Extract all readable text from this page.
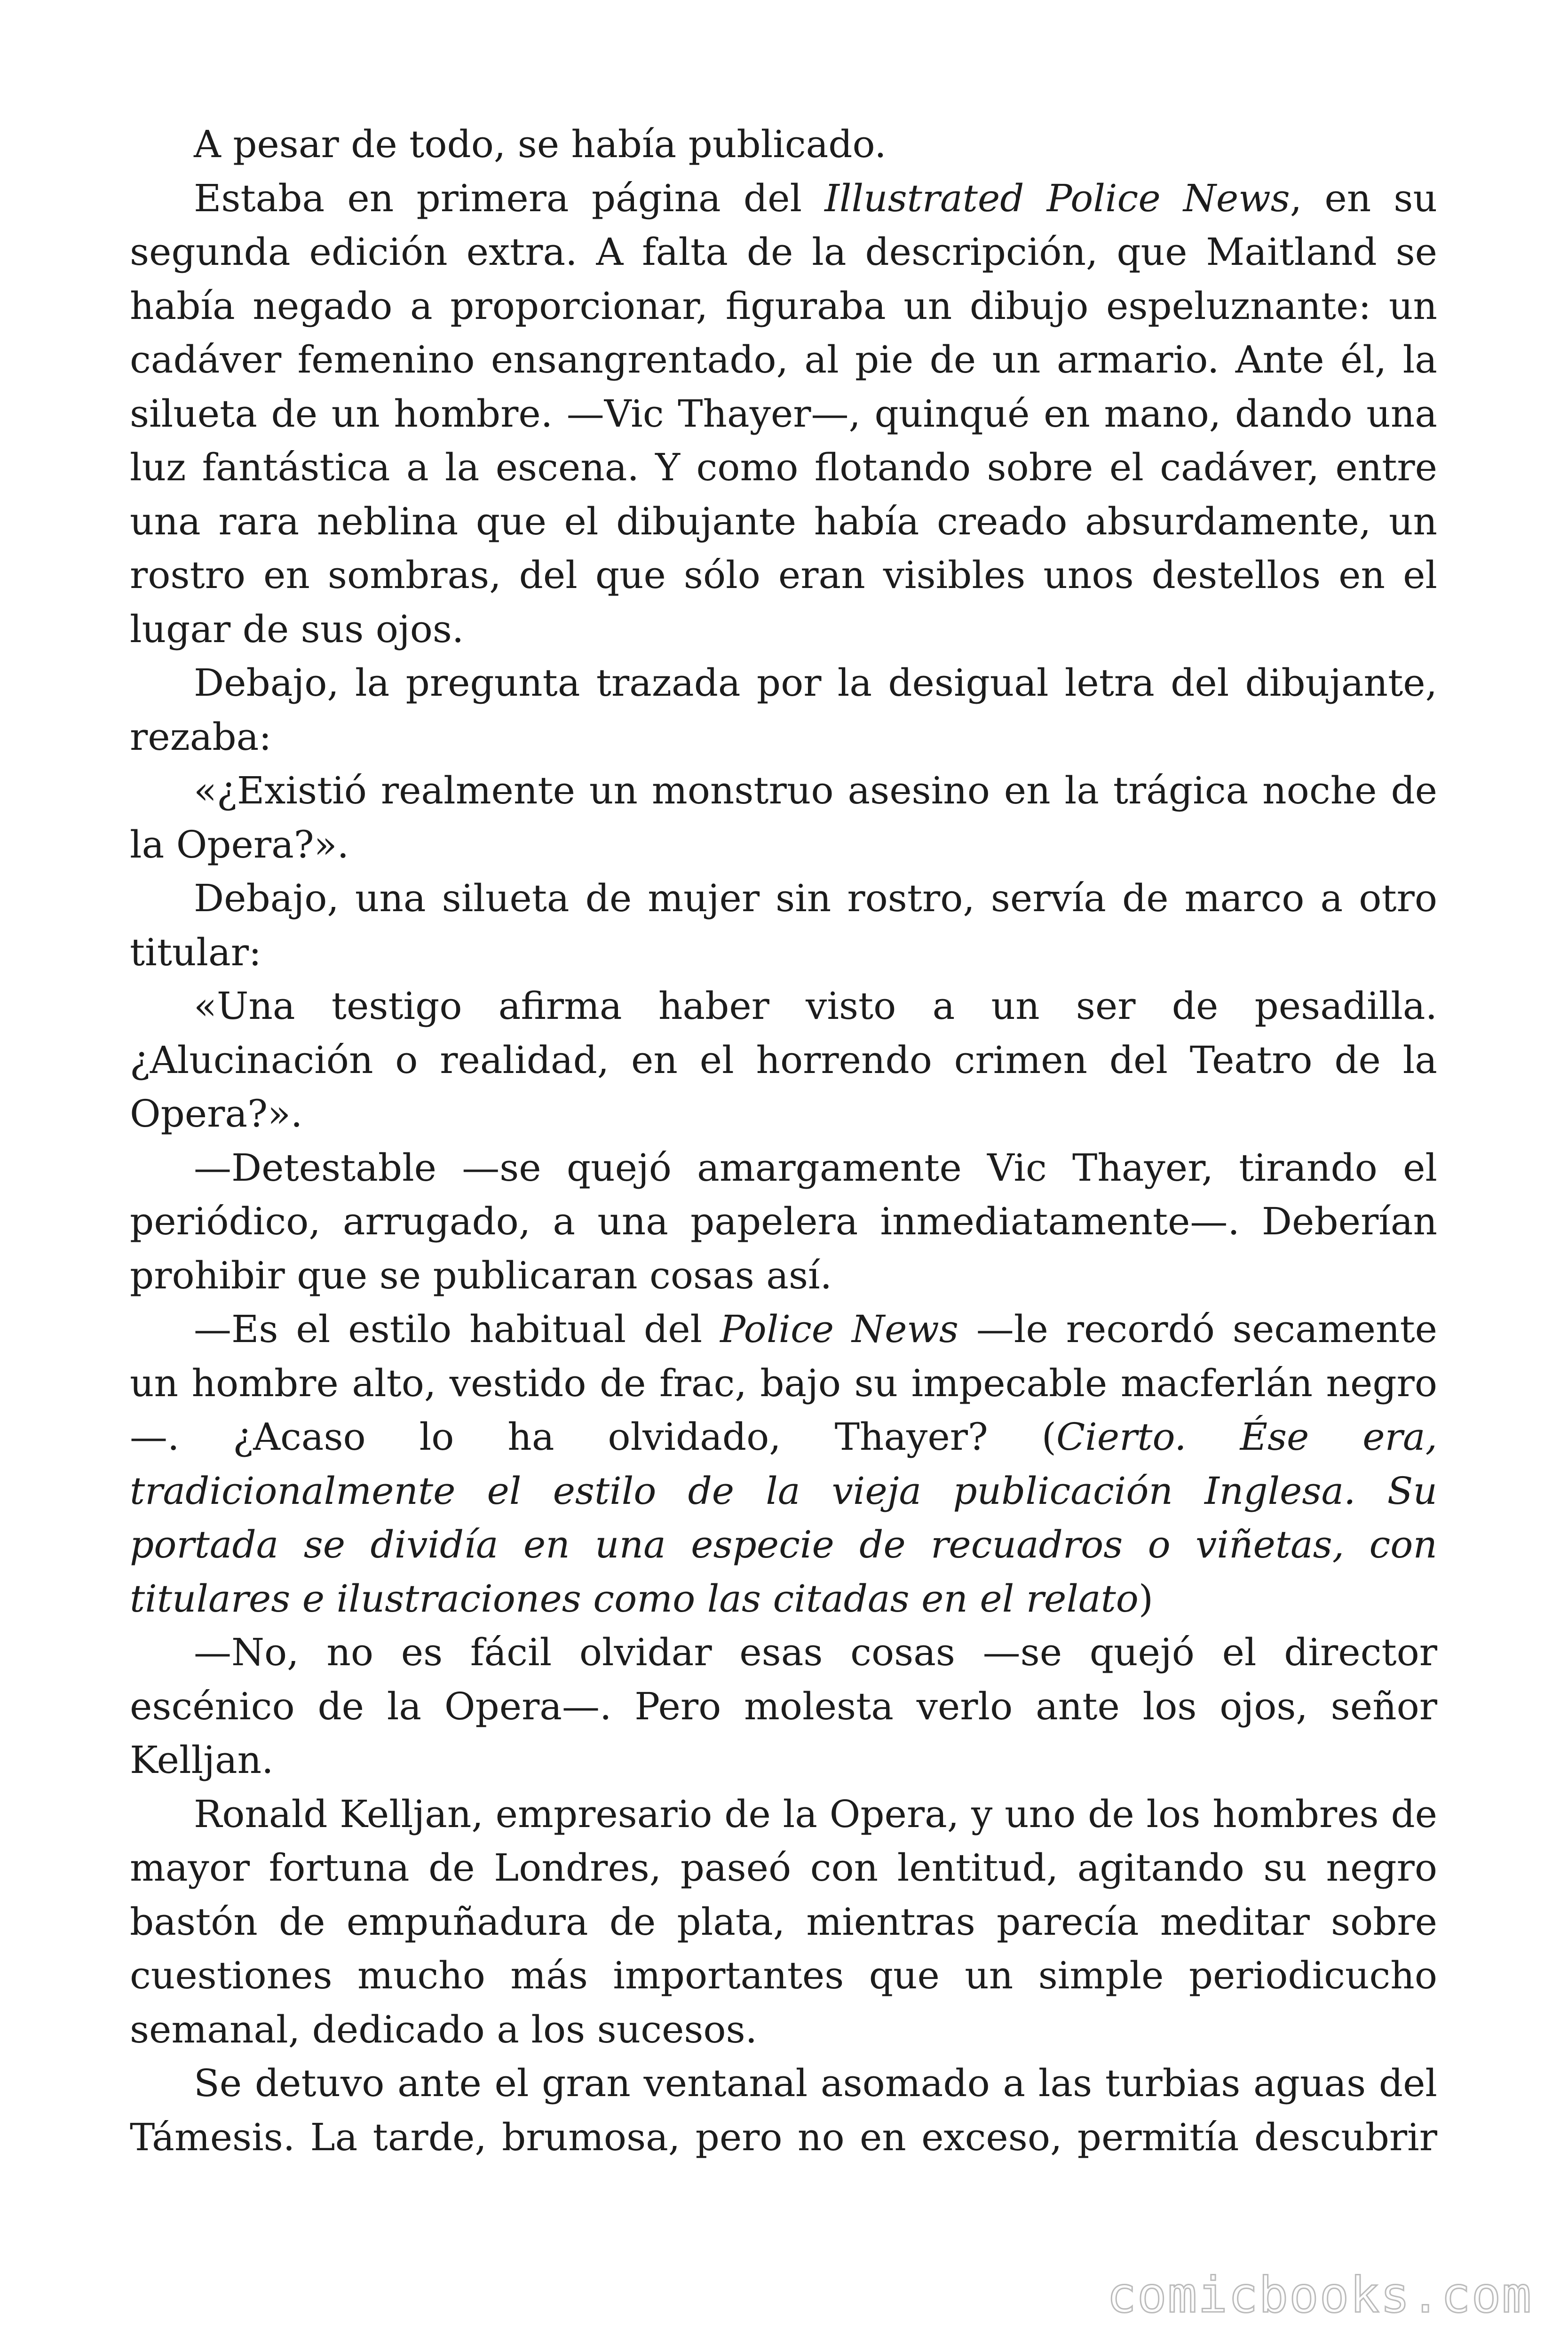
A pesar de todo, se había publicado.

Estaba en primera página del Illustrated Police News, en su segunda edición extra. A falta de la descripción, que Maitland se había negado a proporcionar, figuraba un dibujo espeluznante: un cadáver femenino ensangrentado, al pie de un armario. Ante él, la silueta de un hombre. —Vic Thayer—, quinqué en mano, dando una luz fantástica a la escena. Y como flotando sobre el cadáver, entre una rara neblina que el dibujante había creado absurdamente, un rostro en sombras, del que sólo eran visibles unos destellos en el lugar de sus ojos.

Debajo, la pregunta trazada por la desigual letra del dibujante, rezaba:

«¿Existió realmente un monstruo asesino en la trágica noche de la Opera?».

Debajo, una silueta de mujer sin rostro, servía de marco a otro titular:

«Una testigo afirma haber visto a un ser de pesadilla. ¿Alucinación o realidad, en el horrendo crimen del Teatro de la Opera?».

—Detestable —se quejó amargamente Vic Thayer, tirando el periódico, arrugado, a una papelera inmediatamente—. Deberían prohibir que se publicaran cosas así.

—Es el estilo habitual del Police News —le recordó secamente un hombre alto, vestido de frac, bajo su impecable macferlán negro—. ¿Acaso lo ha olvidado, Thayer? (Cierto. Ése era, tradicionalmente el estilo de la vieja publicación Inglesa. Su portada se dividía en una especie de recuadros o viñetas, con titulares e ilustraciones como las citadas en el relato)

—No, no es fácil olvidar esas cosas —se quejó el director escénico de la Opera—. Pero molesta verlo ante los ojos, señor Kelljan.

Ronald Kelljan, empresario de la Opera, y uno de los hombres de mayor fortuna de Londres, paseó con lentitud, agitando su negro bastón de empuñadura de plata, mientras parecía meditar sobre cuestiones mucho más importantes que un simple periodicucho semanal, dedicado a los sucesos.

Se detuvo ante el gran ventanal asomado a las turbias aguas del Támesis. La tarde, brumosa, pero no en exceso, permitía descubrir

comicbooks.com
